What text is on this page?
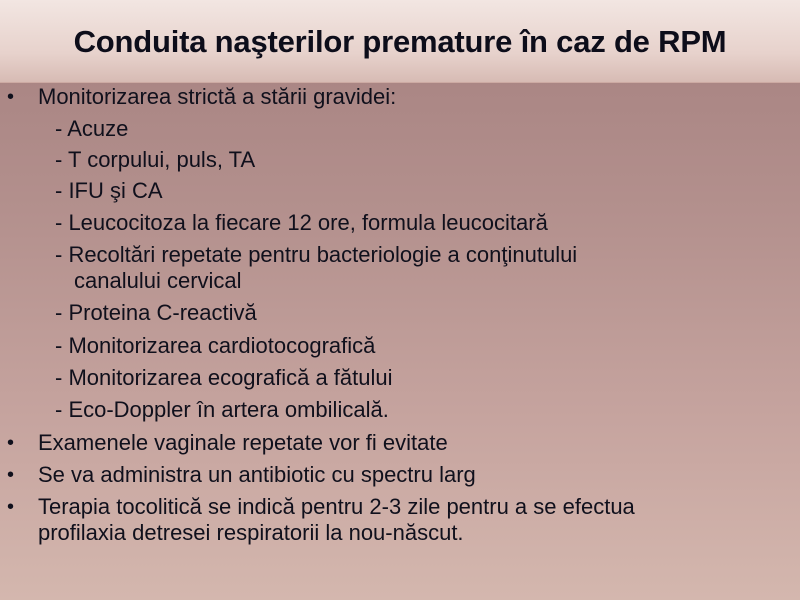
Conduita naşterilor premature în caz de RPM
• Monitorizarea strictă a stării gravidei:
- Acuze
- T corpului, puls, TA
- IFU şi CA
- Leucocitoza la fiecare 12 ore, formula leucocitară
- Recoltări repetate pentru bacteriologie a conţinutului
canalului cervical
- Proteina C-reactivă
- Monitorizarea cardiotocografică
- Monitorizarea ecografică a fătului
- Eco-Doppler în artera ombilicală.
• Examenele vaginale repetate vor fi evitate
• Se va administra un antibiotic cu spectru larg
• Terapia tocolitică se indică pentru 2-3 zile pentru a se efectua
profilaxia detresei respiratorii la nou-născut.
